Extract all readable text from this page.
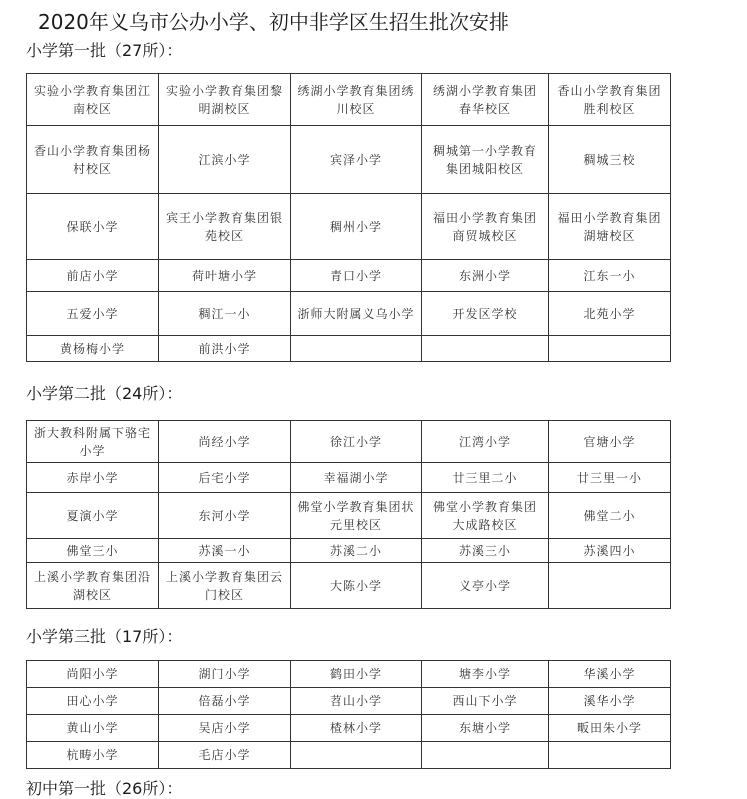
2020年义乌市公办小学、初中非学区生招生批次安排
小学第一批（27所）：
实验小学教育集团江南校区	实验小学教育集团黎明湖校区	绣湖小学教育集团绣川校区	绣湖小学教育集团春华校区	香山小学教育集团胜利校区
香山小学教育集团杨村校区	江滨小学	宾泽小学	稠城第一小学教育集团城阳校区	稠城三校
保联小学	宾王小学教育集团银苑校区	稠州小学	福田小学教育集团商贸城校区	福田小学教育集团湖塘校区
前店小学	荷叶塘小学	青口小学	东洲小学	江东一小
五爱小学	稠江一小	浙师大附属义乌小学	开发区学校	北苑小学
黄杨梅小学	前洪小学			
小学第二批（24所）：
浙大教科附属下骆宅小学	尚经小学	徐江小学	江湾小学	官塘小学
赤岸小学	后宅小学	幸福湖小学	廿三里二小	廿三里一小
夏演小学	东河小学	佛堂小学教育集团状元里校区	佛堂小学教育集团大成路校区	佛堂二小
佛堂三小	苏溪一小	苏溪二小	苏溪三小	苏溪四小
上溪小学教育集团沿湖校区	上溪小学教育集团云门校区	大陈小学	义亭小学	
小学第三批（17所）：
尚阳小学	湖门小学	鹤田小学	塘李小学	华溪小学
田心小学	倍磊小学	苕山小学	西山下小学	溪华小学
黄山小学	吴店小学	楂林小学	东塘小学	畈田朱小学
杭畴小学	毛店小学			
初中第一批（26所）：
